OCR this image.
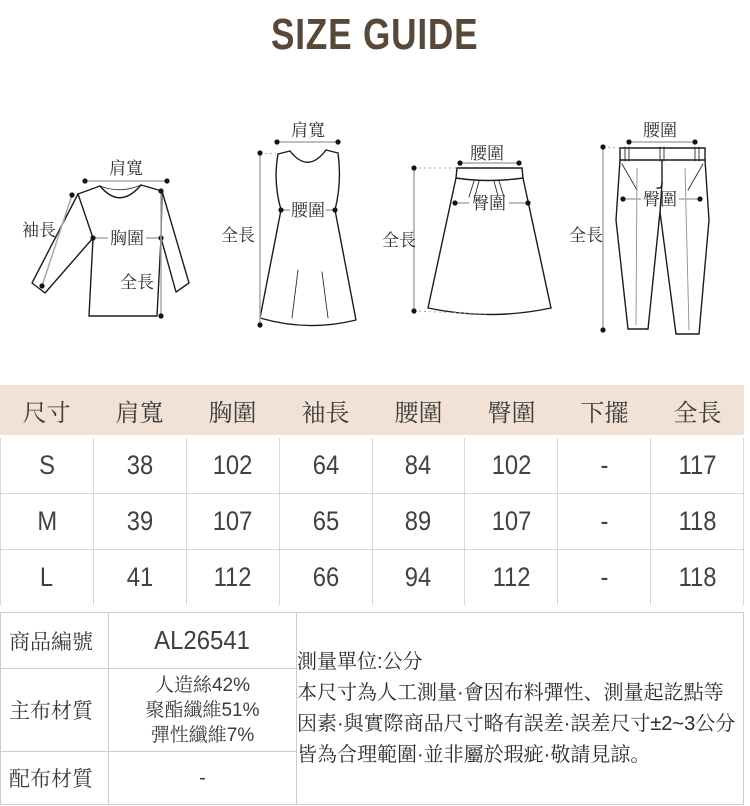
SIZE GUIDE
肩寬
袖長	胸圍
全長
肩寬
腰圍
全長
腰圍
臀圍
全長
腰圍
臀圍
全長
尺寸	肩寬	胸圍	袖長	腰圍	臀圍	下擺	全長
S	38	102	64	84	102	-	117
M	39	107	65	89	107	-	118
L	41	112	66	94	112	-	118
商品編號	AL26541	測量單位:公分
本尺寸為人工測量·會因布料彈性、測量起訖點等因素·與實際商品尺寸略有誤差·誤差尺寸±2~3公分皆為合理範圍·並非屬於瑕疵·敬請見諒。

主布材質	人造絲42%
聚酯纖維51%
彈性纖維7%	

配布材質	-	
